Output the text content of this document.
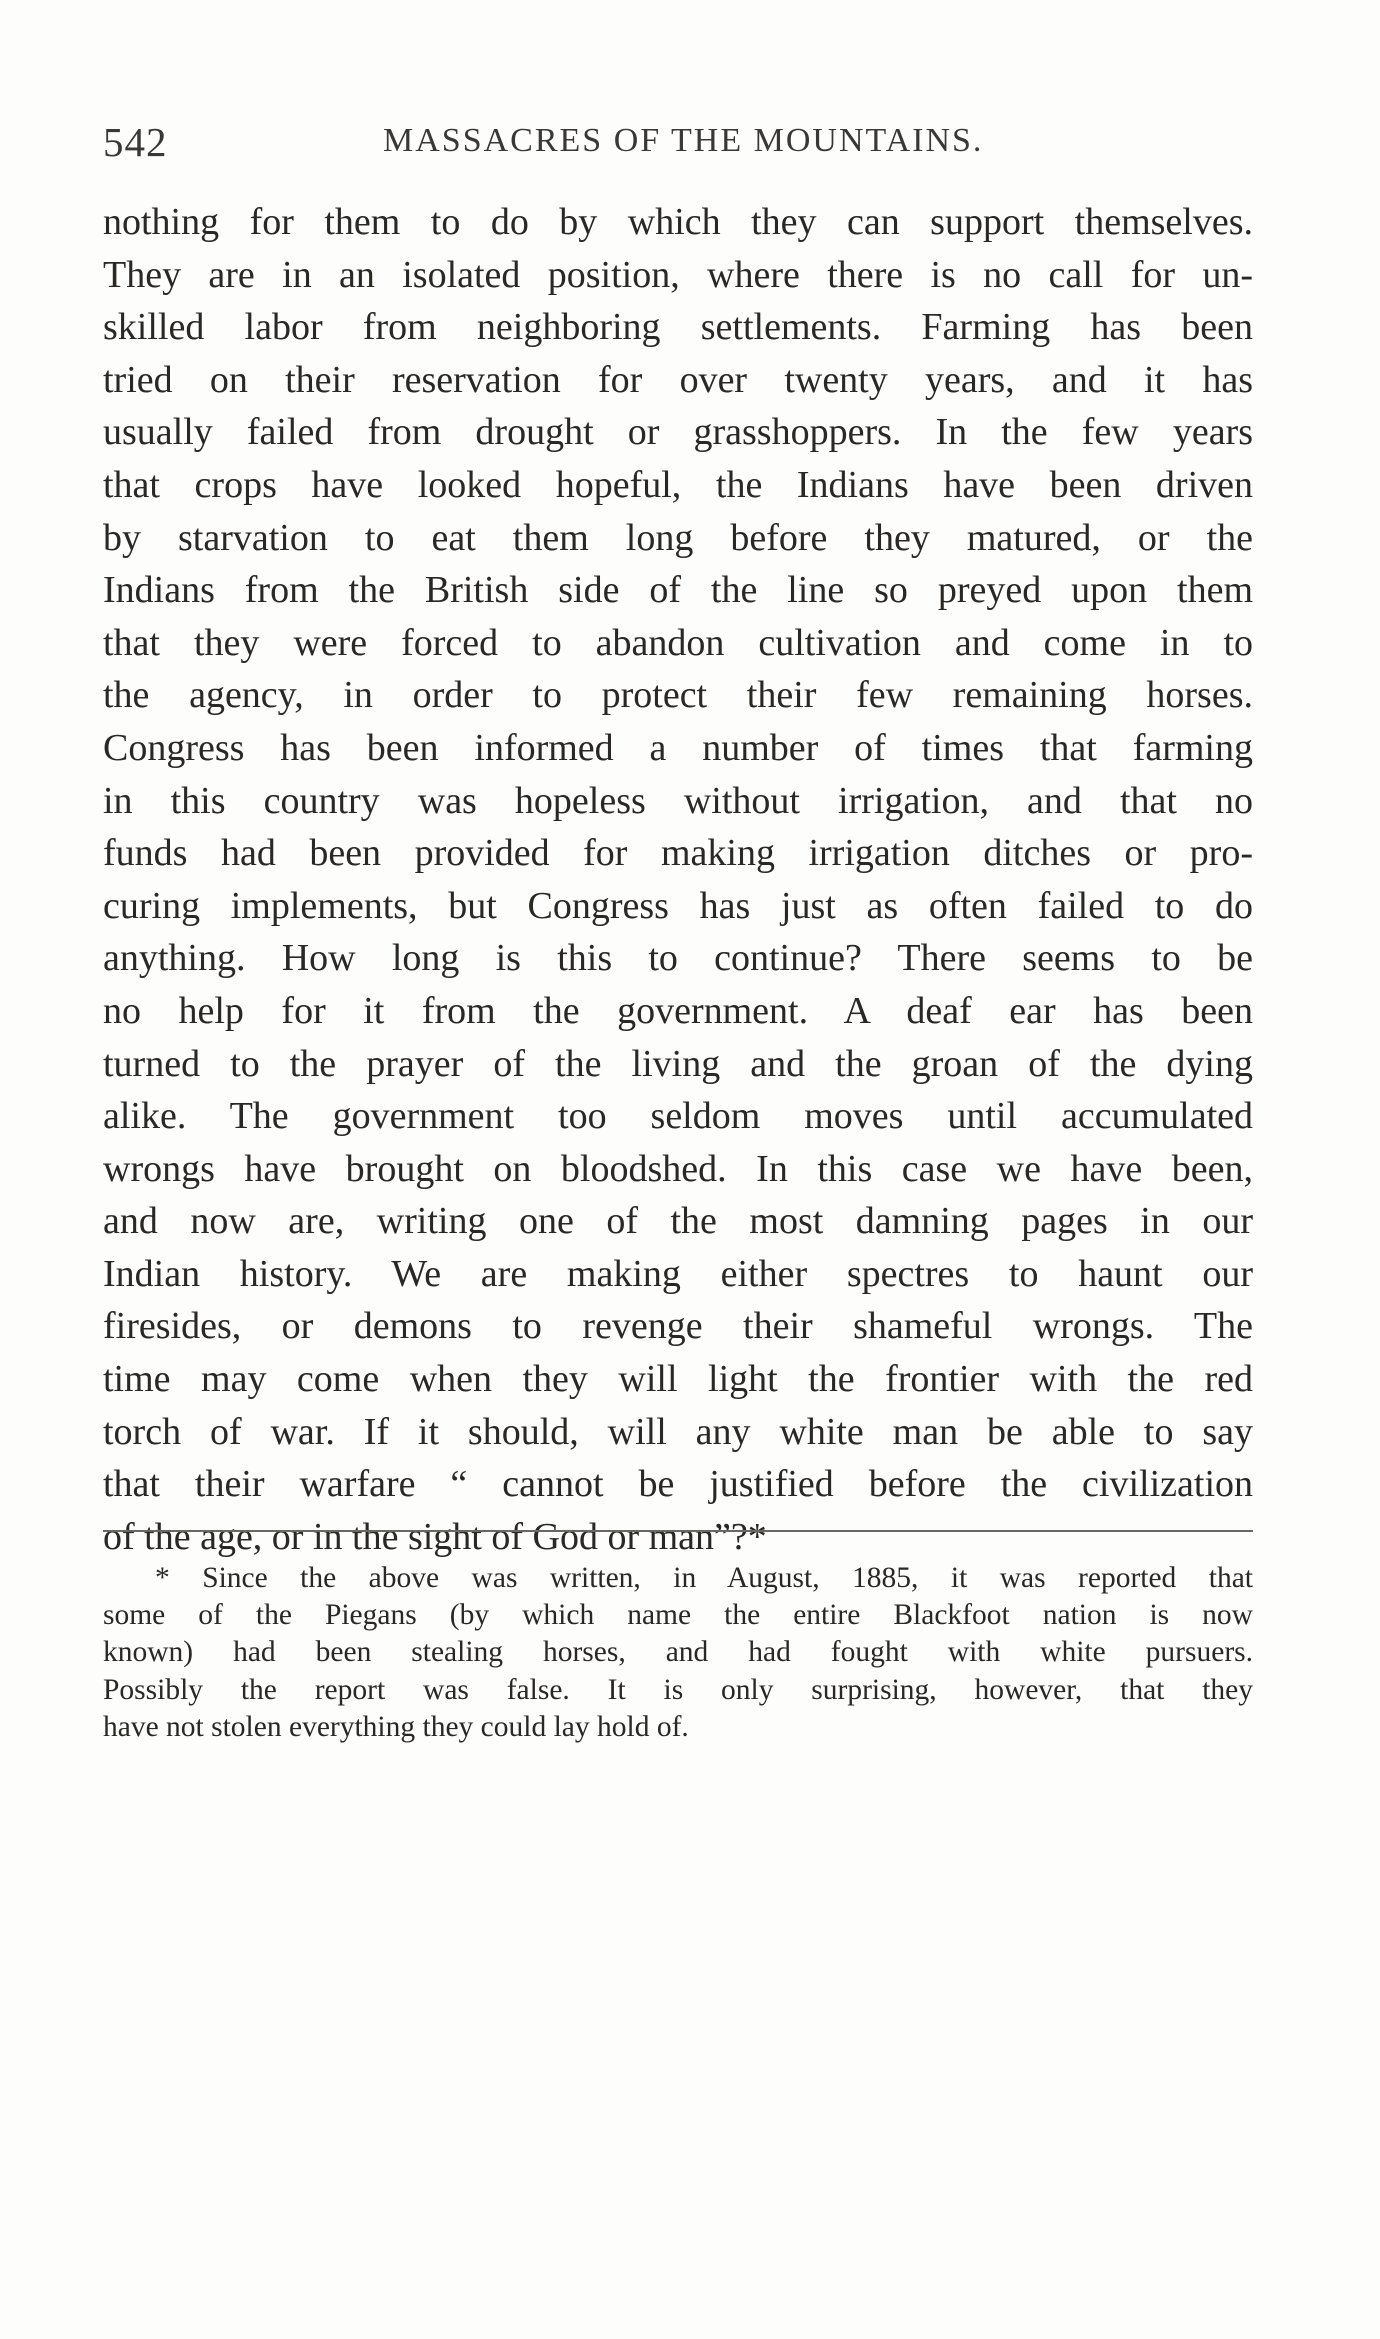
542	MASSACRES OF THE MOUNTAINS.
nothing for them to do by which they can support themselves.
They are in an isolated position, where there is no call for un-
skilled labor from neighboring settlements. Farming has been
tried on their reservation for over twenty years, and it has
usually failed from drought or grasshoppers. In the few years
that crops have looked hopeful, the Indians have been driven
by starvation to eat them long before they matured, or the
Indians from the British side of the line so preyed upon them
that they were forced to abandon cultivation and come in to
the agency, in order to protect their few remaining horses.
Congress has been informed a number of times that farming
in this country was hopeless without irrigation, and that no
funds had been provided for making irrigation ditches or pro-
curing implements, but Congress has just as often failed to do
anything. How long is this to continue? There seems to be
no help for it from the government. A deaf ear has been
turned to the prayer of the living and the groan of the dying
alike. The government too seldom moves until accumulated
wrongs have brought on bloodshed. In this case we have been,
and now are, writing one of the most damning pages in our
Indian history. We are making either spectres to haunt our
firesides, or demons to revenge their shameful wrongs. The
time may come when they will light the frontier with the red
torch of war. If it should, will any white man be able to say
that their warfare “ cannot be justified before the civilization
of the age, or in the sight of God or man”?*
* Since the above was written, in August, 1885, it was reported that
some of the Piegans (by which name the entire Blackfoot nation is now
known) had been stealing horses, and had fought with white pursuers.
Possibly the report was false. It is only surprising, however, that they
have not stolen everything they could lay hold of.
